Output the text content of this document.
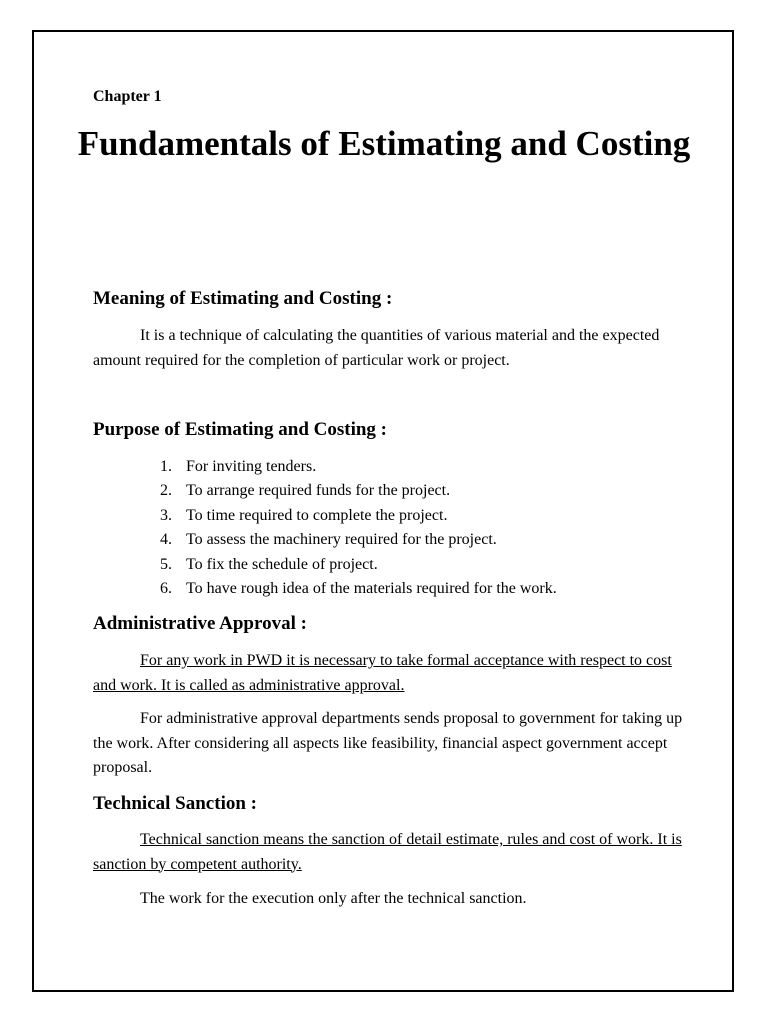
Chapter 1
Fundamentals of Estimating and Costing
Meaning of Estimating and Costing :

It is a technique of calculating the quantities of various material and the expected amount required for the completion of particular work or project.

Purpose of Estimating and Costing :
1. For inviting tenders.
2. To arrange required funds for the project.
3. To time required to complete the project.
4. To assess the machinery required for the project.
5. To fix the schedule of project.
6. To have rough idea of the materials required for the work.
Administrative Approval :

For any work in PWD it is necessary to take formal acceptance with respect to cost and work. It is called as administrative approval.

For administrative approval departments sends proposal to government for taking up the work. After considering all aspects like feasibility, financial aspect government accept proposal.

Technical Sanction :

Technical sanction means the sanction of detail estimate, rules and cost of work. It is sanction by competent authority.

The work for the execution only after the technical sanction.
